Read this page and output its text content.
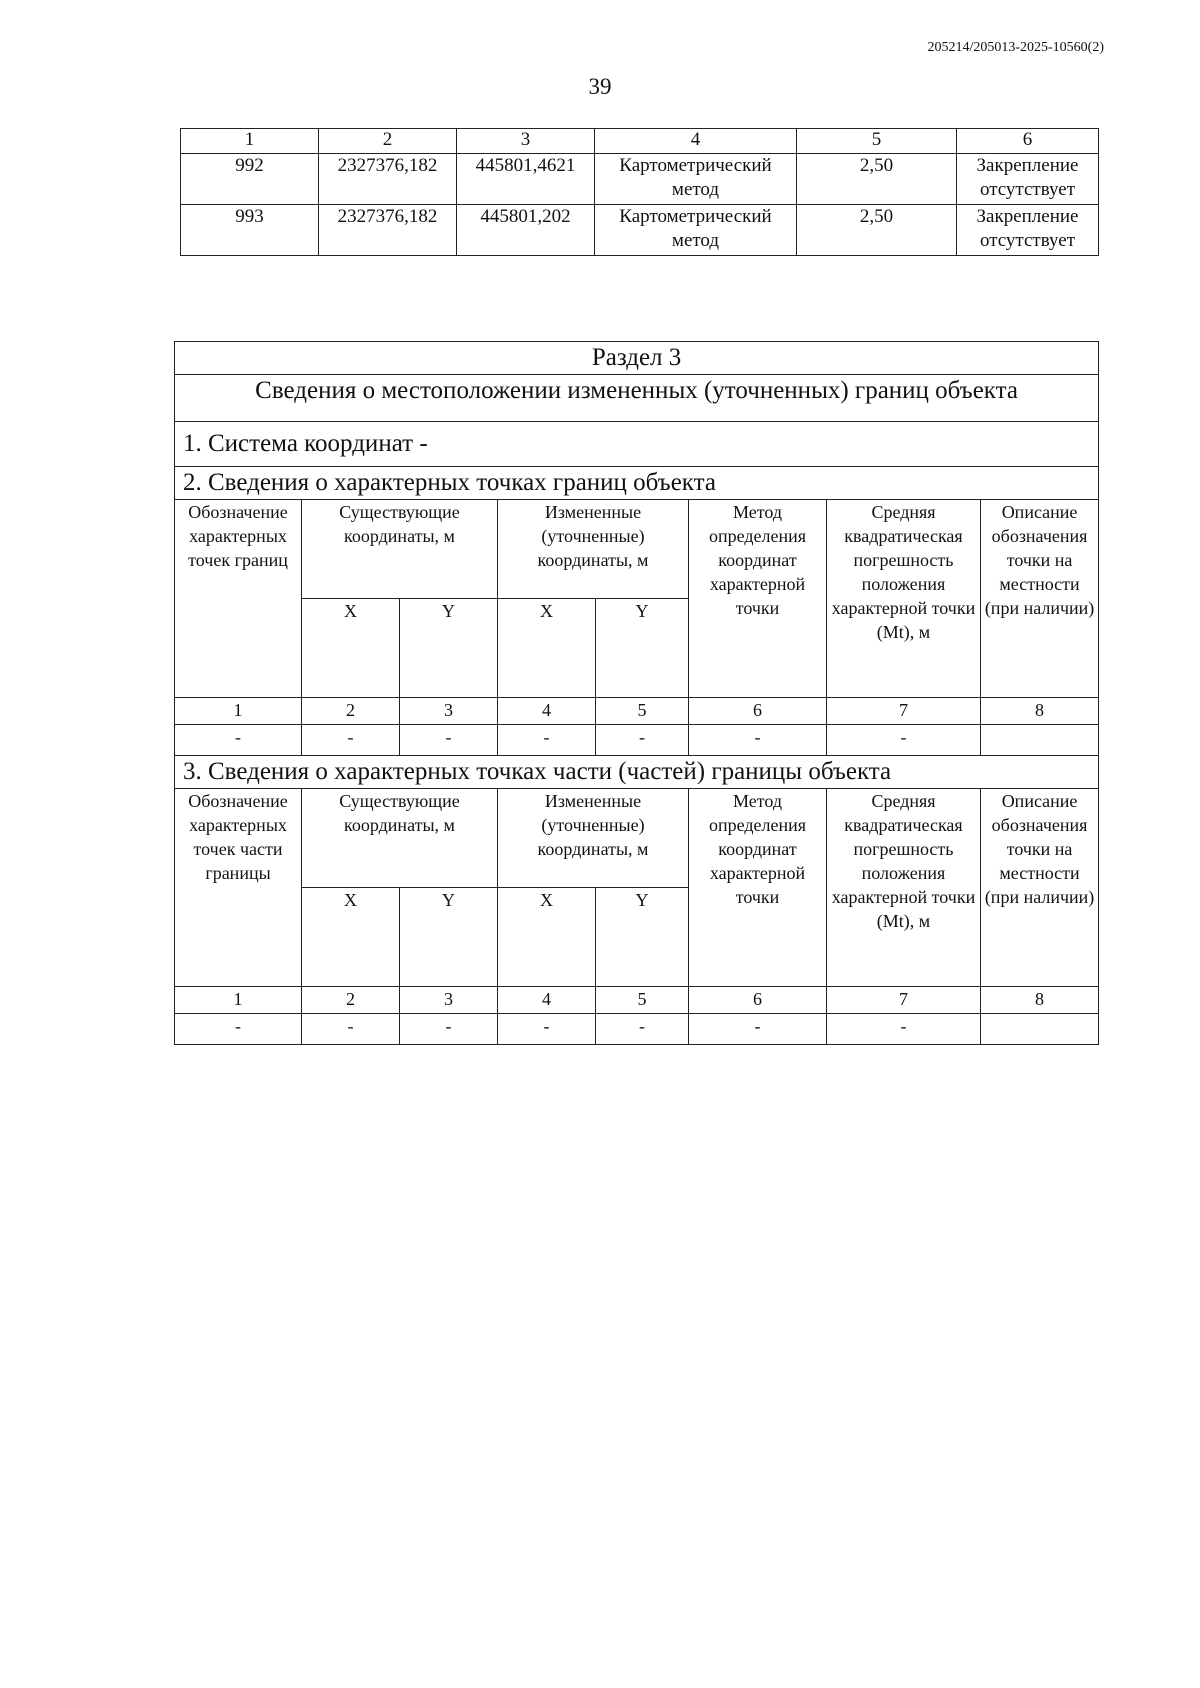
205214/205013-2025-10560(2)
39
1	2	3	4	5	6
992	2327376,182	445801,4621	Картометрический метод	2,50	Закрепление отсутствует
993	2327376,182	445801,202	Картометрический метод	2,50	Закрепление отсутствует
Раздел 3							
Сведения о местоположении измененных (уточненных) границ объекта							
1. Система координат -							
2. Сведения о характерных точках границ объекта							
Обозначение характерных точек границ	Существующие координаты, м		Измененные (уточненные) координаты, м		Метод определения координат характерной точки	Средняя квадратическая погрешность положения характерной точки (Mt), м	Описание обозначения точки на местности (при наличии)
	X	Y	X	Y			
1	2	3	4	5	6	7	8
-	-	-	-	-	-	-	
3. Сведения о характерных точках части (частей) границы объекта							
Обозначение характерных точек части границы	Существующие координаты, м		Измененные (уточненные) координаты, м		Метод определения координат характерной точки	Средняя квадратическая погрешность положения характерной точки (Mt), м	Описание обозначения точки на местности (при наличии)
	X	Y	X	Y			
1	2	3	4	5	6	7	8
-	-	-	-	-	-	-	
